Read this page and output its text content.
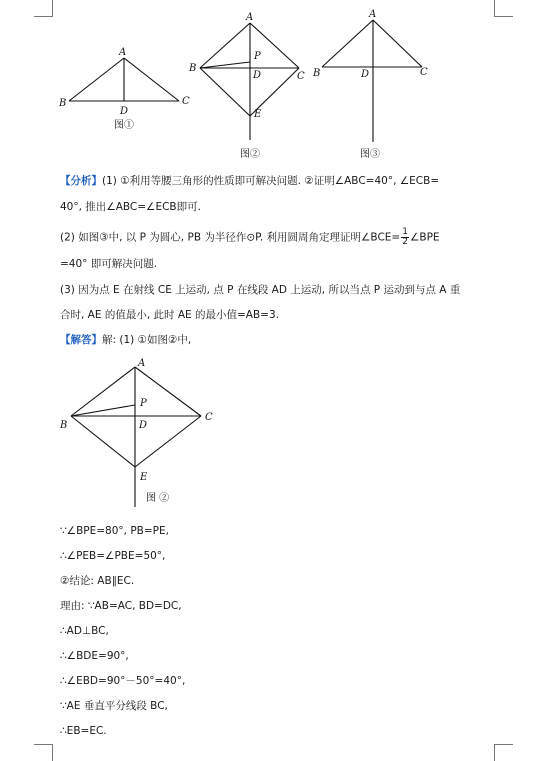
A
B	C
D
图①
A
B
C
D
P
E
图②
A
B	C
D
图③
【分析】(1) ①利用等腰三角形的性质即可解决问题. ②证明∠ABC=40°, ∠ECB=
40°, 推出∠ABC=∠ECB即可.
(2) 如图③中, 以 P 为圆心, PB 为半径作⊙P. 利用圆周角定理证明∠BCE= $\frac{1}{2}$ ∠BPE
=40° 即可解决问题.
(3) 因为点 E 在射线 CE 上运动, 点 P 在线段 AD 上运动, 所以当点 P 运动到与点 A 重
合时, AE 的值最小, 此时 AE 的最小值=AB=3.
【解答】解: (1) ①如图②中,
A
B
C
D
P
E
图 ②
∵∠BPE=80°, PB=PE,
∴∠PEB=∠PBE=50°,
②结论: AB∥EC.
理由: ∵AB=AC, BD=DC,
∴AD⊥BC,
∴∠BDE=90°,
∴∠EBD=90°－50°=40°,
∵AE 垂直平分线段 BC,
∴EB=EC.
